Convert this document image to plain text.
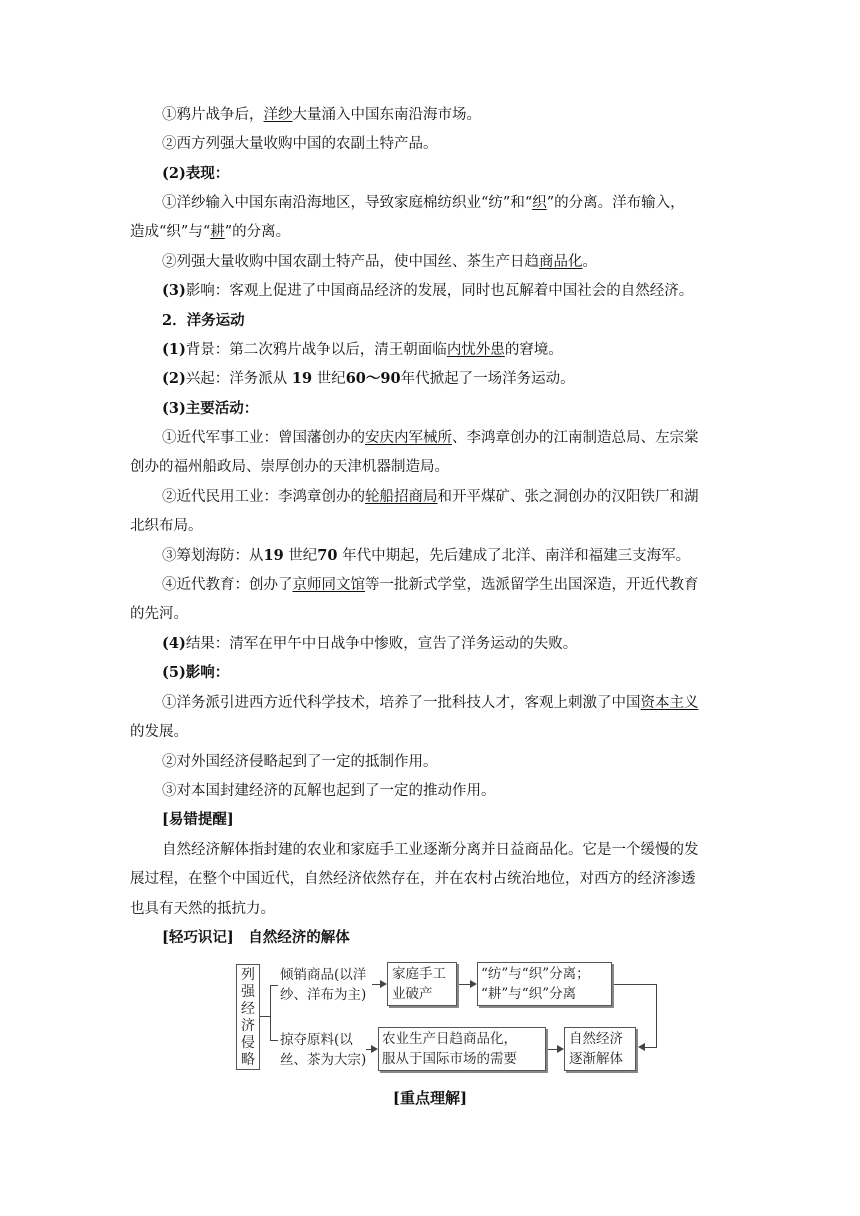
①鸦片战争后，洋纱大量涌入中国东南沿海市场。
②西方列强大量收购中国的农副土特产品。
(2)表现：
①洋纱输入中国东南沿海地区，导致家庭棉纺织业“纺”和“织”的分离。洋布输入，
造成“织”与“耕”的分离。
②列强大量收购中国农副土特产品，使中国丝、茶生产日趋商品化。
(3)影响：客观上促进了中国商品经济的发展，同时也瓦解着中国社会的自然经济。
2．洋务运动
(1)背景：第二次鸦片战争以后，清王朝面临内忧外患的窘境。
(2)兴起：洋务派从 19 世纪60～90年代掀起了一场洋务运动。
(3)主要活动：
①近代军事工业：曾国藩创办的安庆内军械所、李鸿章创办的江南制造总局、左宗棠
创办的福州船政局、崇厚创办的天津机器制造局。
②近代民用工业：李鸿章创办的轮船招商局和开平煤矿、张之洞创办的汉阳铁厂和湖
北织布局。
③筹划海防：从19 世纪70 年代中期起，先后建成了北洋、南洋和福建三支海军。
④近代教育：创办了京师同文馆等一批新式学堂，选派留学生出国深造，开近代教育
的先河。
(4)结果：清军在甲午中日战争中惨败，宣告了洋务运动的失败。
(5)影响：
①洋务派引进西方近代科学技术，培养了一批科技人才，客观上刺激了中国资本主义
的发展。
②对外国经济侵略起到了一定的抵制作用。
③对本国封建经济的瓦解也起到了一定的推动作用。
[易错提醒]
自然经济解体指封建的农业和家庭手工业逐渐分离并日益商品化。它是一个缓慢的发
展过程，在整个中国近代，自然经济依然存在，并在农村占统治地位，对西方的经济渗透
也具有天然的抵抗力。
[轻巧识记]　自然经济的解体
列
强
经
济
侵
略
倾销商品(以洋
纱、洋布为主)
家庭手工
业破产
“纺”与“织”分离；
“耕”与“织”分离
掠夺原料(以
丝、茶为大宗)
农业生产日趋商品化，
服从于国际市场的需要
自然经济
逐渐解体
[重点理解]
